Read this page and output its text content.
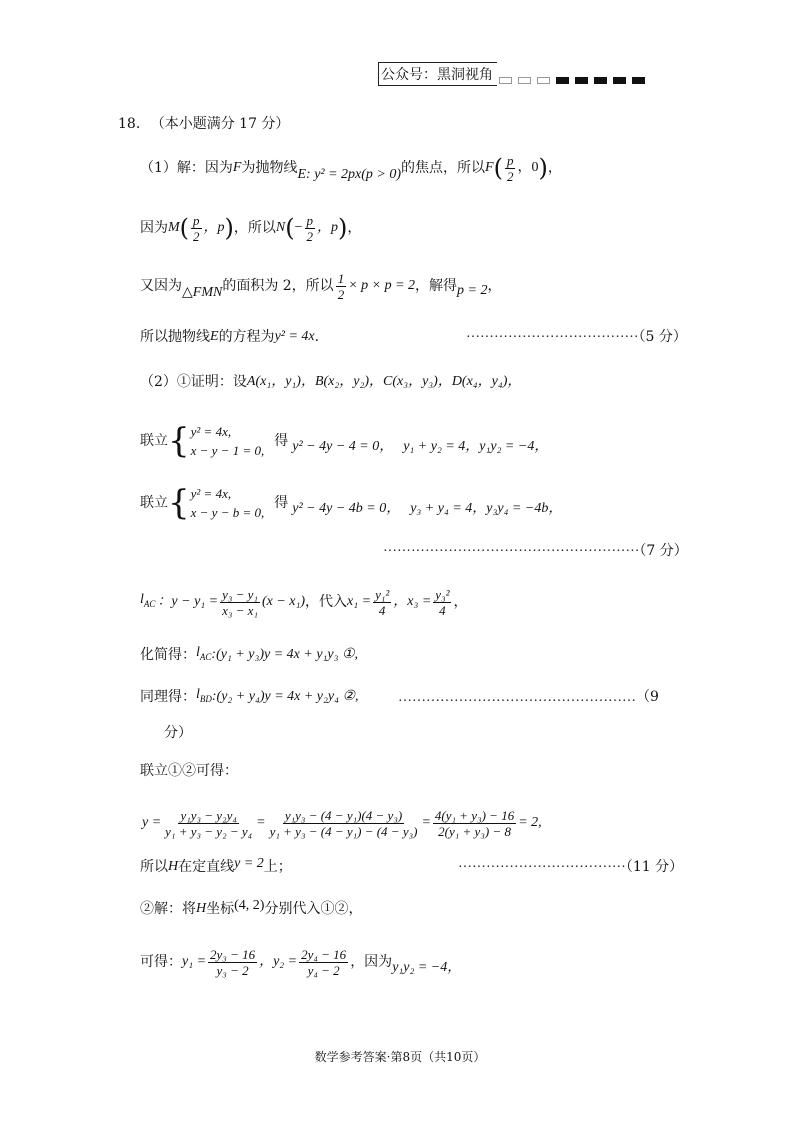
公众号：黑洞视角
18. （本小题满分 17 分）
（1）解：因为 F 为抛物线 E: y² = 2px(p > 0) 的焦点，所以 F ( $\frac{p}{2}$ ，0 ) ，
因为 M ( $\frac{p}{2}$ ，p ) ，所以 N ( − $\frac{p}{2}$ ，p ) ，
又因为 △FMN 的面积为 2，所以 $\frac{1}{2} \times p \times p = 2$ ，解得 p = 2 ，
所以抛物线 E 的方程为 y² = 4x .	·····································（5 分）
（2）①证明：设 A(x₁，y₁)，B(x₂，y₂)，C(x₃，y₃)，D(x₄，y₄)，
联立 { y² = 4x,
x − y − 1 = 0,
得 y² − 4y − 4 = 0， y₁ + y₂ = 4，y₁y₂ = −4，
联立 { y² = 4x,
x − y − b = 0,
得 y² − 4y − 4b = 0， y₃ + y₄ = 4，y₃y₄ = −4b，
·······················································（7 分）
$l_{AC}$ ：$y - y_1 = \frac{\text{y₃ − y₁}}{\text{x₃ − x₁}} (x - x_1)$ ，代入 $x_1 = \frac{\text{y₁²}}{4}$ ，$x_3 = \frac{\text{y₃²}}{4}$ ，
化简得： $l_{AC}$ :(y₁ + y₃)y = 4x + y₁y₃ ①,
同理得： $l_{BD}$ :(y₂ + y₄)y = 4x + y₂y₄ ②,	……………………………………………（9
分）
联立①②可得：
$y = \frac{\text{y₁y₃ − y₂y₄}}{\text{y₁ + y₃ − y₂ − y₄}} = \frac{\text{y₁y₃ − (4 − y₁)(4 − y₃)}}{\text{y₁ + y₃ − (4 − y₁) − (4 − y₃)}} = \frac{\text{4(y₁ + y₃) − 16}}{\text{2(y₁ + y₃) − 8}} = 2$,
所以 H 在定直线 y = 2 上；	····································（11 分）
②解：将 H 坐标 (4, 2) 分别代入①②，
可得： $y_1 = \frac{\text{2y₃ − 16}}{\text{y₃ − 2}}$ ，$y_2 = \frac{\text{2y₄ − 16}}{\text{y₄ − 2}}$ ，因为 y₁y₂ = −4，
数学参考答案·第8页（共10页）
